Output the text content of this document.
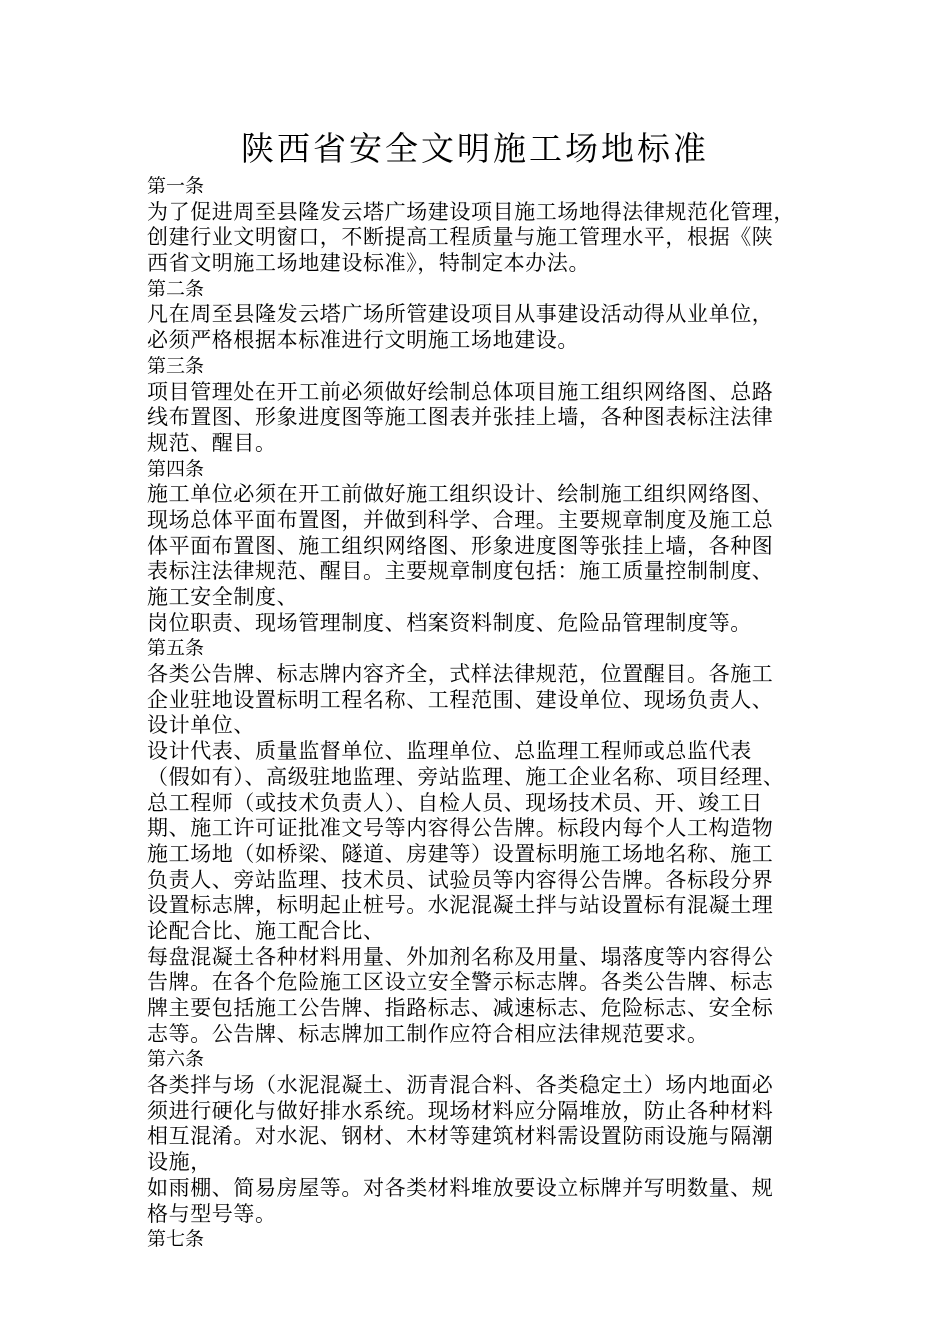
陕西省安全文明施工场地标准
第一条
为了促进周至县隆发云塔广场建设项目施工场地得法律规范化管理，
创建行业文明窗口，不断提高工程质量与施工管理水平，根据《陕
西省文明施工场地建设标准》，特制定本办法。
第二条
凡在周至县隆发云塔广场所管建设项目从事建设活动得从业单位，
必须严格根据本标准进行文明施工场地建设。
第三条
项目管理处在开工前必须做好绘制总体项目施工组织网络图、总路
线布置图、形象进度图等施工图表并张挂上墙，各种图表标注法律
规范、醒目。
第四条
施工单位必须在开工前做好施工组织设计、绘制施工组织网络图、
现场总体平面布置图，并做到科学、合理。主要规章制度及施工总
体平面布置图、施工组织网络图、形象进度图等张挂上墙，各种图
表标注法律规范、醒目。主要规章制度包括：施工质量控制制度、
施工安全制度、
岗位职责、现场管理制度、档案资料制度、危险品管理制度等。
第五条
各类公告牌、标志牌内容齐全，式样法律规范，位置醒目。各施工
企业驻地设置标明工程名称、工程范围、建设单位、现场负责人、
设计单位、
设计代表、质量监督单位、监理单位、总监理工程师或总监代表
（假如有）、高级驻地监理、旁站监理、施工企业名称、项目经理、
总工程师（或技术负责人）、自检人员、现场技术员、开、竣工日
期、施工许可证批准文号等内容得公告牌。标段内每个人工构造物
施工场地（如桥梁、隧道、房建等）设置标明施工场地名称、施工
负责人、旁站监理、技术员、试验员等内容得公告牌。各标段分界
设置标志牌，标明起止桩号。水泥混凝土拌与站设置标有混凝土理
论配合比、施工配合比、
每盘混凝土各种材料用量、外加剂名称及用量、塌落度等内容得公
告牌。在各个危险施工区设立安全警示标志牌。各类公告牌、标志
牌主要包括施工公告牌、指路标志、减速标志、危险标志、安全标
志等。公告牌、标志牌加工制作应符合相应法律规范要求。
第六条
各类拌与场（水泥混凝土、沥青混合料、各类稳定土）场内地面必
须进行硬化与做好排水系统。现场材料应分隔堆放，防止各种材料
相互混淆。对水泥、钢材、木材等建筑材料需设置防雨设施与隔潮
设施，
如雨棚、简易房屋等。对各类材料堆放要设立标牌并写明数量、规
格与型号等。
第七条
